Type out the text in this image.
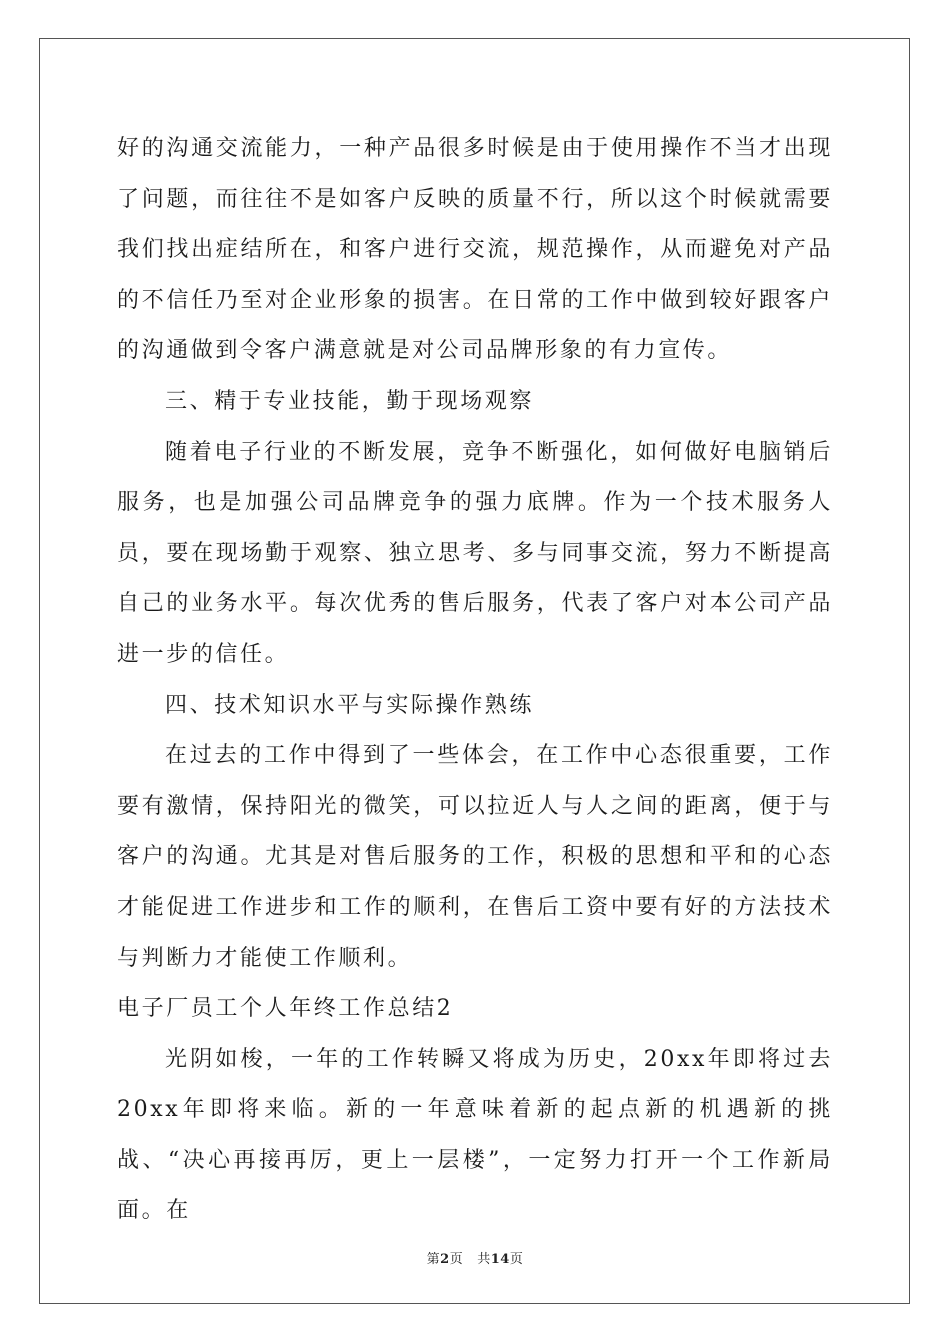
好的沟通交流能力，一种产品很多时候是由于使用操作不当才出现了问题，而往往不是如客户反映的质量不行，所以这个时候就需要我们找出症结所在，和客户进行交流，规范操作，从而避免对产品的不信任乃至对企业形象的损害。在日常的工作中做到较好跟客户的沟通做到令客户满意就是对公司品牌形象的有力宣传。

三、精于专业技能，勤于现场观察

随着电子行业的不断发展，竞争不断强化，如何做好电脑销后服务，也是加强公司品牌竞争的强力底牌。作为一个技术服务人员，要在现场勤于观察、独立思考、多与同事交流，努力不断提高自己的业务水平。每次优秀的售后服务，代表了客户对本公司产品进一步的信任。

四、技术知识水平与实际操作熟练

在过去的工作中得到了一些体会，在工作中心态很重要，工作要有激情，保持阳光的微笑，可以拉近人与人之间的距离，便于与客户的沟通。尤其是对售后服务的工作，积极的思想和平和的心态才能促进工作进步和工作的顺利，在售后工资中要有好的方法技术与判断力才能使工作顺利。

电子厂员工个人年终工作总结2

光阴如梭，一年的工作转瞬又将成为历史，20xx年即将过去20xx年即将来临。新的一年意味着新的起点新的机遇新的挑战、“决心再接再厉，更上一层楼”，一定努力打开一个工作新局面。在

第2页 共14页
